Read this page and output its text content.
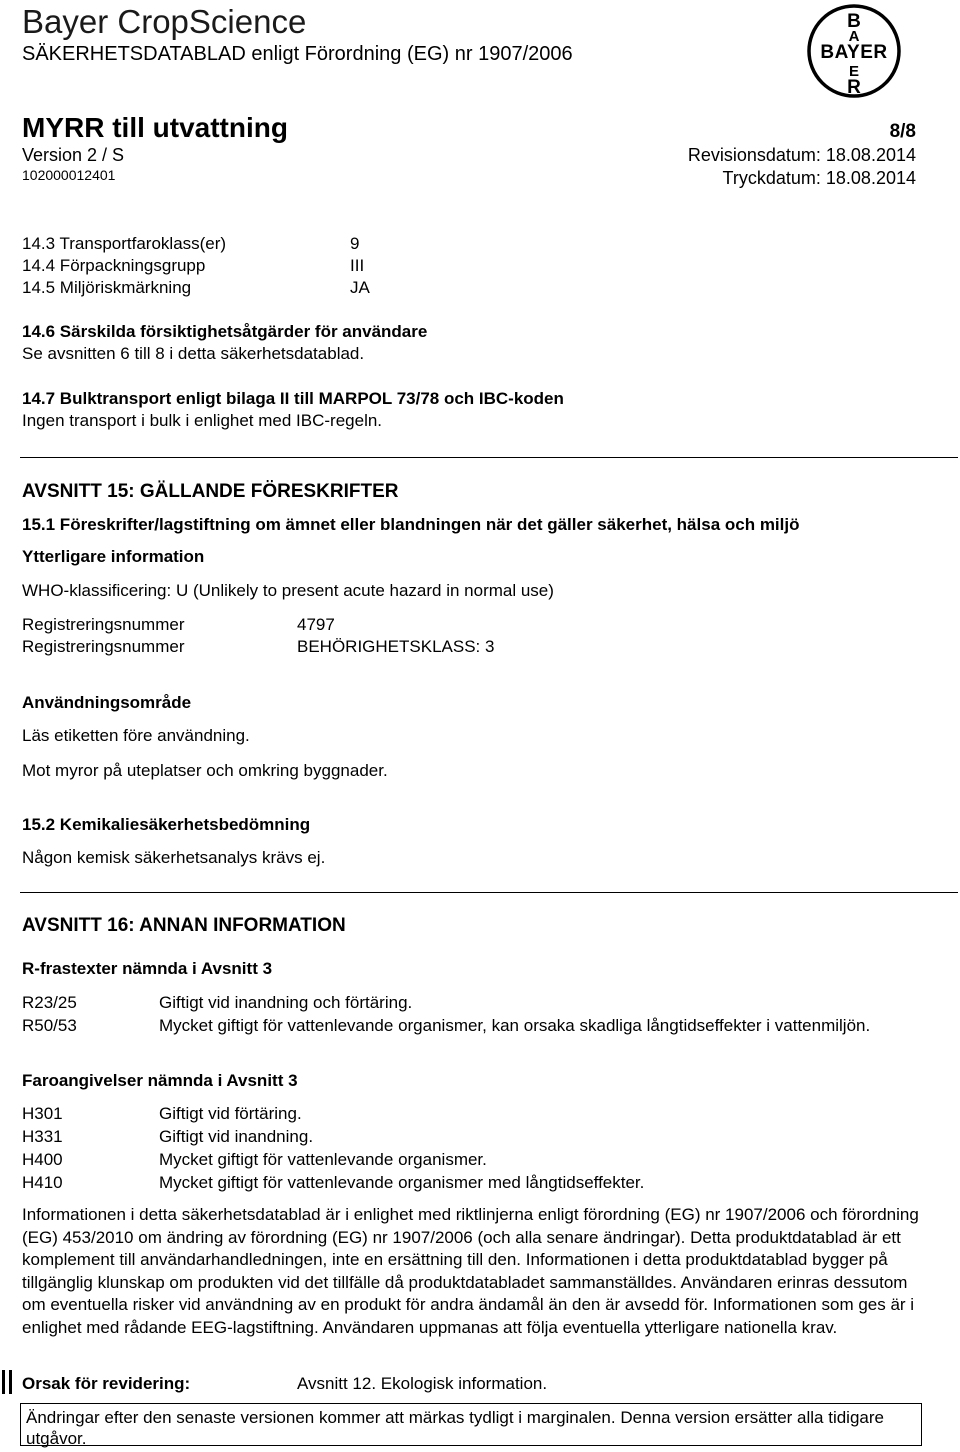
Bayer CropScience
SÄKERHETSDATABLAD enligt Förordning (EG) nr 1907/2006
B
A
BAYER
E
R
MYRR till utvattning	8/8
Version 2 / S	Revisionsdatum: 18.08.2014
102000012401	Tryckdatum: 18.08.2014
14.3 Transportfaroklass(er)	9
14.4 Förpackningsgrupp	III
14.5 Miljöriskmärkning	JA
14.6 Särskilda försiktighetsåtgärder för användare
Se avsnitten 6 till 8 i detta säkerhetsdatablad.
14.7 Bulktransport enligt bilaga II till MARPOL 73/78 och IBC-koden
Ingen transport i bulk i enlighet med IBC-regeln.
AVSNITT 15: GÄLLANDE FÖRESKRIFTER
15.1 Föreskrifter/lagstiftning om ämnet eller blandningen när det gäller säkerhet, hälsa och miljö
Ytterligare information
WHO-klassificering: U (Unlikely to present acute hazard in normal use)
Registreringsnummer	4797
Registreringsnummer	BEHÖRIGHETSKLASS: 3
Användningsområde
Läs etiketten före användning.
Mot myror på uteplatser och omkring byggnader.
15.2 Kemikaliesäkerhetsbedömning
Någon kemisk säkerhetsanalys krävs ej.
AVSNITT 16: ANNAN INFORMATION
R-frastexter nämnda i Avsnitt 3
R23/25	Giftigt vid inandning och förtäring.
R50/53	Mycket giftigt för vattenlevande organismer, kan orsaka skadliga långtidseffekter i vattenmiljön.
Faroangivelser nämnda i Avsnitt 3
H301	Giftigt vid förtäring.
H331	Giftigt vid inandning.
H400	Mycket giftigt för vattenlevande organismer.
H410	Mycket giftigt för vattenlevande organismer med långtidseffekter.
Informationen i detta säkerhetsdatablad är i enlighet med riktlinjerna enligt förordning (EG) nr 1907/2006 och förordning (EG) 453/2010 om ändring av förordning (EG) nr 1907/2006 (och alla senare ändringar). Detta produktdatablad är ett komplement till användarhandledningen, inte en ersättning till den. Informationen i detta produktdatablad bygger på tillgänglig klunskap om produkten vid det tillfälle då produktdatabladet sammanställdes. Användaren erinras dessutom om eventuella risker vid användning av en produkt för andra ändamål än den är avsedd för. Informationen som ges är i enlighet med rådande EEG-lagstiftning. Användaren uppmanas att följa eventuella ytterligare nationella krav.
Orsak för revidering:	Avsnitt 12. Ekologisk information.
Ändringar efter den senaste versionen kommer att märkas tydligt i marginalen. Denna version ersätter alla tidigare utgåvor.
